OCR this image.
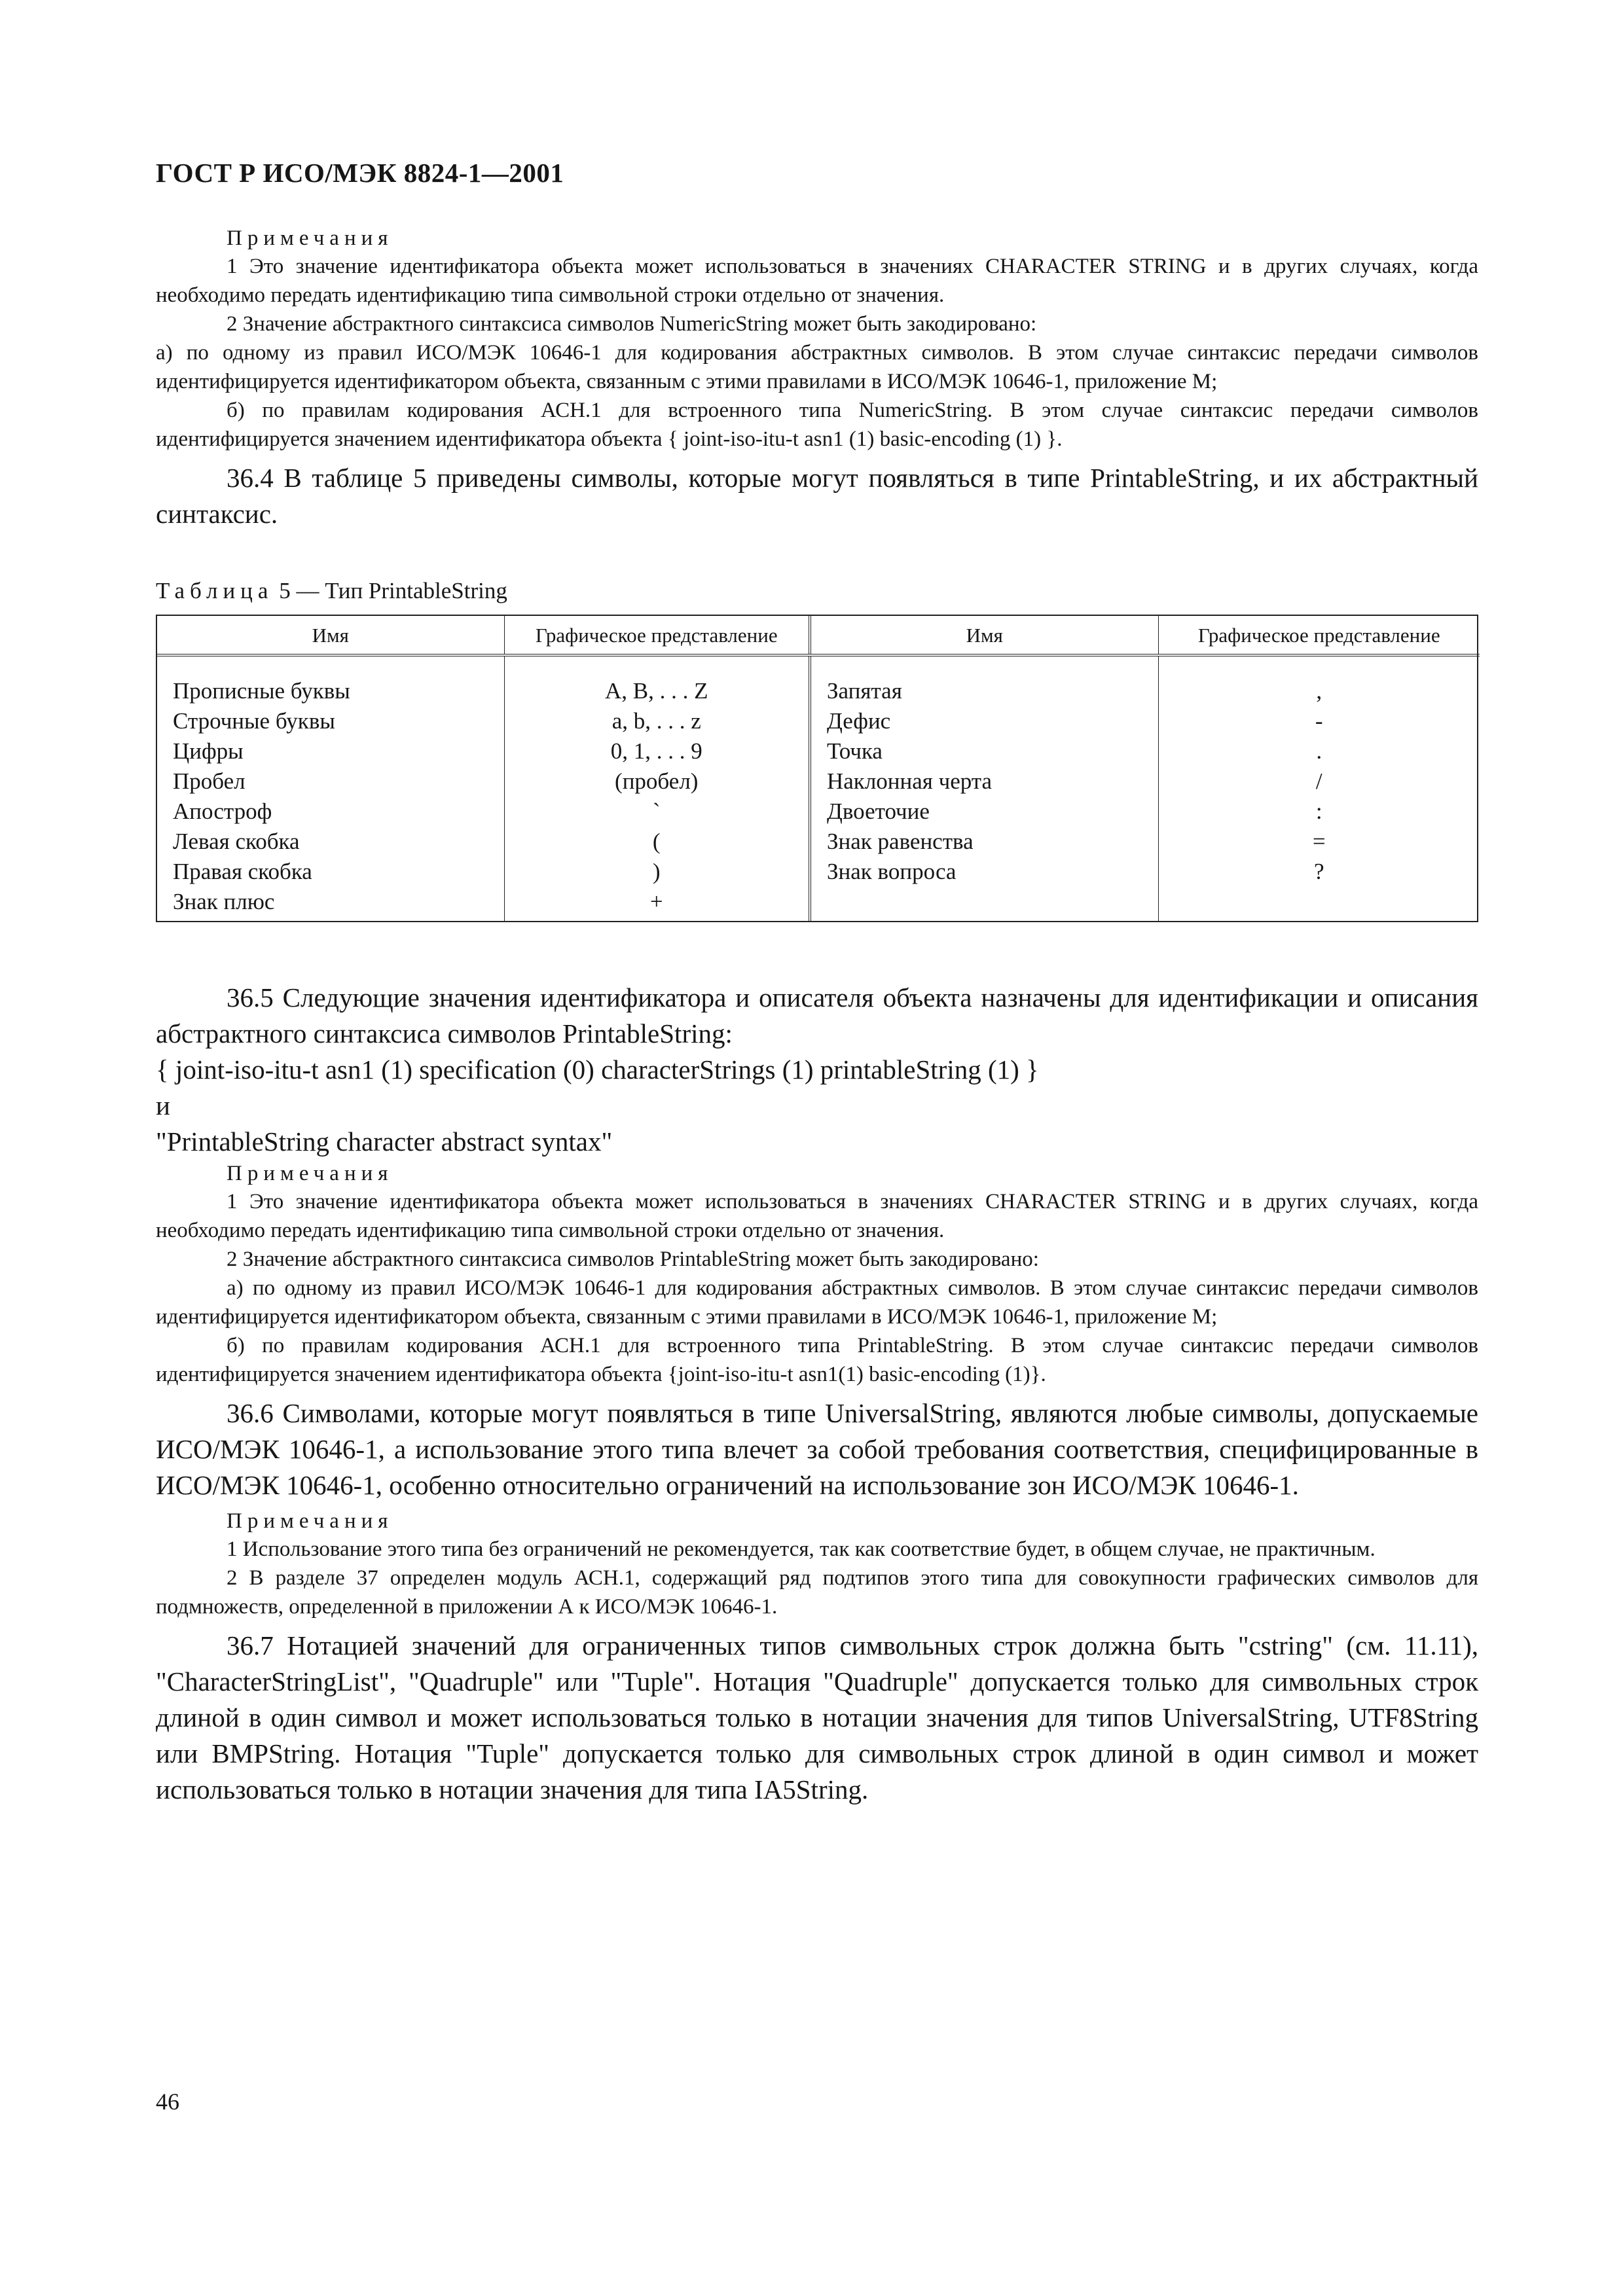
ГОСТ Р ИСО/МЭК 8824-1—2001
Примечания

1 Это значение идентификатора объекта может использоваться в значениях CHARACTER STRING и в других случаях, когда необходимо передать идентификацию типа символьной строки отдельно от значения.

2 Значение абстрактного синтаксиса символов NumericString может быть закодировано:

а) по одному из правил ИСО/МЭК 10646-1 для кодирования абстрактных символов. В этом случае синтаксис передачи символов идентифицируется идентификатором объекта, связанным с этими правилами в ИСО/МЭК 10646-1, приложение М;

б) по правилам кодирования АСН.1 для встроенного типа NumericString. В этом случае синтаксис передачи символов идентифицируется значением идентификатора объекта { joint-iso-itu-t asn1 (1) basic-encoding (1) }.

36.4 В таблице 5 приведены символы, которые могут появляться в типе PrintableString, и их абстрактный синтаксис.

Таблица 5 — Тип PrintableString
Имя	Графическое представление	Имя	Графическое представление
Прописные буквы	A, B, . . . Z	Запятая	,
Строчные буквы	a, b, . . . z	Дефис	-
Цифры	0, 1, . . . 9	Точка	.
Пробел	(пробел)	Наклонная черта	/
Апостроф	`	Двоеточие	:
Левая скобка	(	Знак равенства	=
Правая скобка	)	Знак вопроса	?
Знак плюс	+		

36.5 Следующие значения идентификатора и описателя объекта назначены для идентификации и описания абстрактного синтаксиса символов PrintableString:

{ joint-iso-itu-t asn1 (1) specification (0) characterStrings (1) printableString (1) }

и

"PrintableString character abstract syntax"

Примечания

1 Это значение идентификатора объекта может использоваться в значениях CHARACTER STRING и в других случаях, когда необходимо передать идентификацию типа символьной строки отдельно от значения.

2 Значение абстрактного синтаксиса символов PrintableString может быть закодировано:

а) по одному из правил ИСО/МЭК 10646-1 для кодирования абстрактных символов. В этом случае синтаксис передачи символов идентифицируется идентификатором объекта, связанным с этими правилами в ИСО/МЭК 10646-1, приложение М;

б) по правилам кодирования АСН.1 для встроенного типа PrintableString. В этом случае синтаксис передачи символов идентифицируется значением идентификатора объекта {joint-iso-itu-t asn1(1) basic-encoding (1)}.

36.6 Символами, которые могут появляться в типе UniversalString, являются любые символы, допускаемые ИСО/МЭК 10646-1, а использование этого типа влечет за собой требования соответствия, специфицированные в ИСО/МЭК 10646-1, особенно относительно ограничений на использование зон ИСО/МЭК 10646-1.

Примечания

1 Использование этого типа без ограничений не рекомендуется, так как соответствие будет, в общем случае, не практичным.

2 В разделе 37 определен модуль АСН.1, содержащий ряд подтипов этого типа для совокупности графических символов для подмножеств, определенной в приложении А к ИСО/МЭК 10646-1.

36.7 Нотацией значений для ограниченных типов символьных строк должна быть "cstring" (см. 11.11), "CharacterStringList", "Quadruple" или "Tuple". Нотация "Quadruple" допускается только для символьных строк длиной в один символ и может использоваться только в нотации значения для типов UniversalString, UTF8String или BMPString. Нотация "Tuple" допускается только для символьных строк длиной в один символ и может использоваться только в нотации значения для типа IA5String.

46
